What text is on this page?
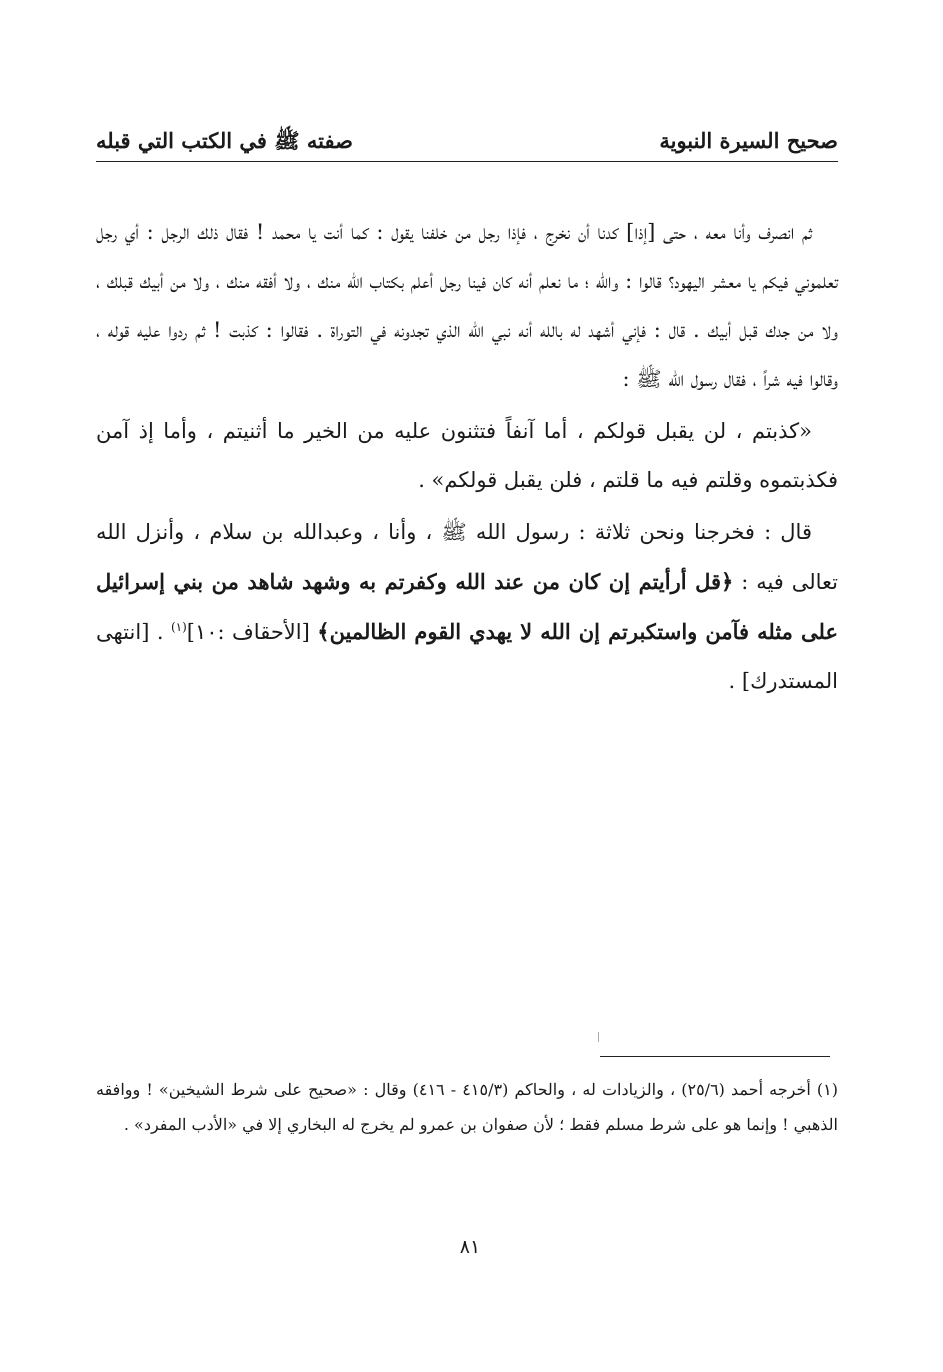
صحيح السيرة النبوية
صفته ﷺ في الكتب التي قبله

ثم انصرف وأنا معه ، حتى [إذا] كدنا أن نخرج ، فإذا رجل من خلفنا يقول : كما أنت يا محمد ! فقال ذلك الرجل : أي رجل تعلموني فيكم يا معشر اليهود؟ قالوا : والله ؛ ما نعلم أنه كان فينا رجل أعلم بكتاب الله منك ، ولا أفقه منك ، ولا من أبيك قبلك ، ولا من جدك قبل أبيك . قال : فإني أشهد له بالله أنه نبي الله الذي تجدونه في التوراة . فقالوا : كذبت ! ثم ردوا عليه قوله ، وقالوا فيه شراً ، فقال رسول الله ﷺ :

«كذبتم ، لن يقبل قولكم ، أما آنفاً فتثنون عليه من الخير ما أثنيتم ، وأما إذ آمن فكذبتموه وقلتم فيه ما قلتم ، فلن يقبل قولكم» .

قال : فخرجنا ونحن ثلاثة : رسول الله ﷺ ، وأنا ، وعبدالله بن سلام ، وأنزل الله تعالى فيه : ﴿قل أرأيتم إن كان من عند الله وكفرتم به وشهد شاهد من بني إسرائيل على مثله فآمن واستكبرتم إن الله لا يهدي القوم الظالمين﴾ [الأحقاف :١٠]$^{(١)}$ . [انتهى المستدرك] .

(١) أخرجه أحمد (٢٥/٦) ، والزيادات له ، والحاكم (٤١٥/٣ - ٤١٦) وقال : «صحيح على شرط الشيخين» ! ووافقه الذهبي ! وإنما هو على شرط مسلم فقط ؛ لأن صفوان بن عمرو لم يخرج له البخاري إلا في «الأدب المفرد» .

٨١
